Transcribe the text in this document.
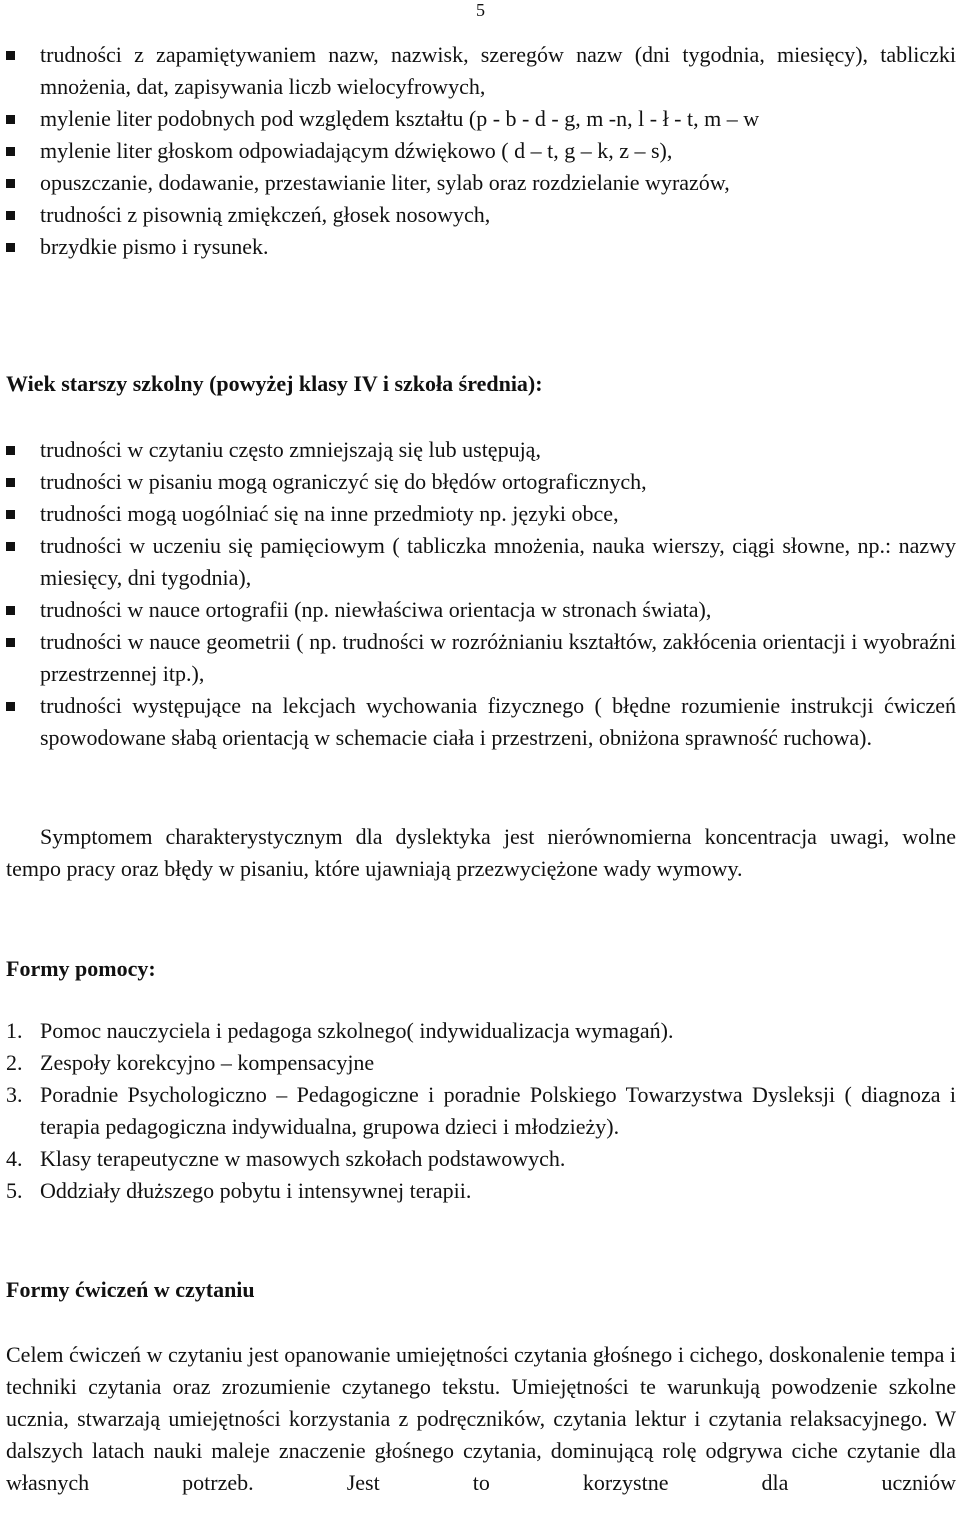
5
trudności z zapamiętywaniem nazw, nazwisk, szeregów nazw (dni tygodnia, miesięcy), tabliczki mnożenia, dat, zapisywania liczb wielocyfrowych,
mylenie liter podobnych pod względem kształtu (p - b - d - g, m -n, l - ł - t, m – w
mylenie liter głoskom odpowiadającym dźwiękowo ( d – t, g – k, z – s),
opuszczanie, dodawanie, przestawianie liter, sylab oraz rozdzielanie wyrazów,
trudności z pisownią zmiękczeń, głosek nosowych,
brzydkie pismo i rysunek.
Wiek starszy szkolny (powyżej klasy IV i szkoła średnia):
trudności w czytaniu często zmniejszają się lub ustępują,
trudności w pisaniu mogą ograniczyć się do błędów ortograficznych,
trudności mogą uogólniać się na inne przedmioty np. języki obce,
trudności w uczeniu się pamięciowym ( tabliczka mnożenia, nauka wierszy, ciągi słowne, np.: nazwy miesięcy, dni tygodnia),
trudności w nauce ortografii (np. niewłaściwa orientacja w stronach świata),
trudności w nauce geometrii ( np. trudności w rozróżnianiu kształtów, zakłócenia orientacji i wyobraźni przestrzennej itp.),
trudności występujące na lekcjach wychowania fizycznego ( błędne rozumienie instrukcji ćwiczeń spowodowane słabą orientacją w schemacie ciała i przestrzeni, obniżona sprawność ruchowa).

Symptomem charakterystycznym dla dyslektyka jest nierównomierna koncentracja uwagi, wolne tempo pracy oraz błędy w pisaniu, które ujawniają przezwyciężone wady wymowy.

Formy pomocy:
1. Pomoc nauczyciela i pedagoga szkolnego( indywidualizacja wymagań).
2. Zespoły korekcyjno – kompensacyjne
3. Poradnie Psychologiczno – Pedagogiczne i poradnie Polskiego Towarzystwa Dysleksji ( diagnoza i terapia pedagogiczna indywidualna, grupowa dzieci i młodzieży).
4. Klasy terapeutyczne w masowych szkołach podstawowych.
5. Oddziały dłuższego pobytu i intensywnej terapii.
Formy ćwiczeń w czytaniu

Celem ćwiczeń w czytaniu jest opanowanie umiejętności czytania głośnego i cichego, doskonalenie tempa i techniki czytania oraz zrozumienie czytanego tekstu. Umiejętności te warunkują powodzenie szkolne ucznia, stwarzają umiejętności korzystania z podręczników, czytania lektur i czytania relaksacyjnego. W dalszych latach nauki maleje znaczenie głośnego czytania, dominującą rolę odgrywa ciche czytanie dla własnych potrzeb. Jest to korzystne dla uczniów
